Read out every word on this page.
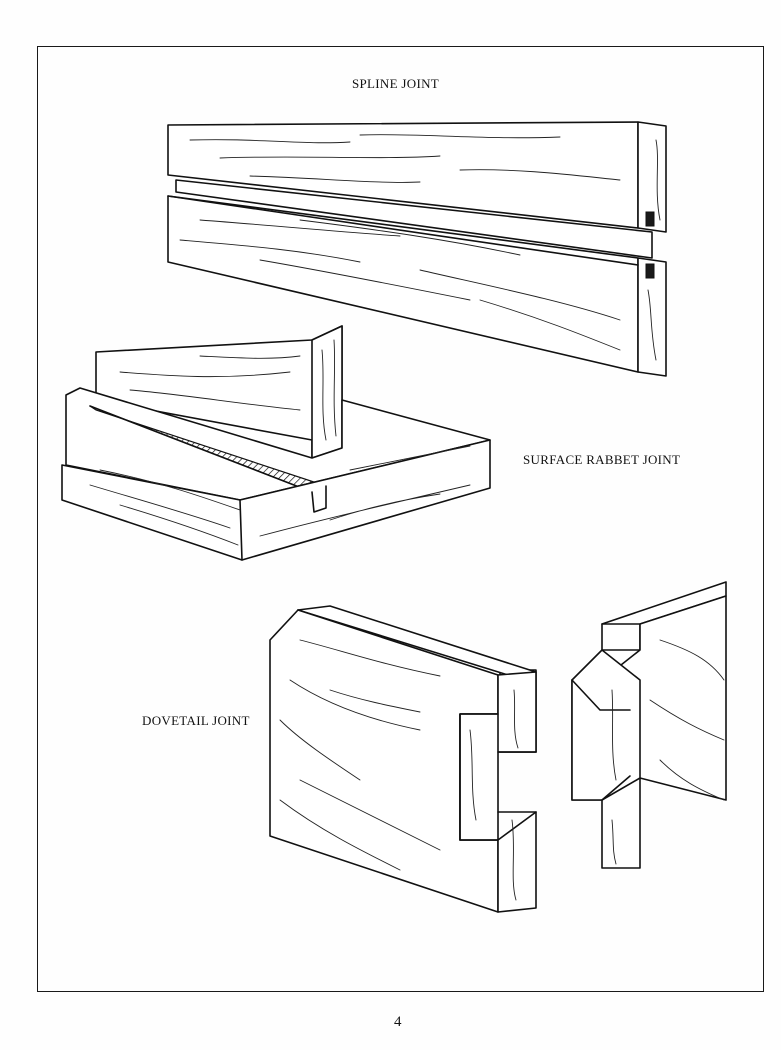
SPLINE JOINT
SURFACE RABBET JOINT
DOVETAIL JOINT
4
